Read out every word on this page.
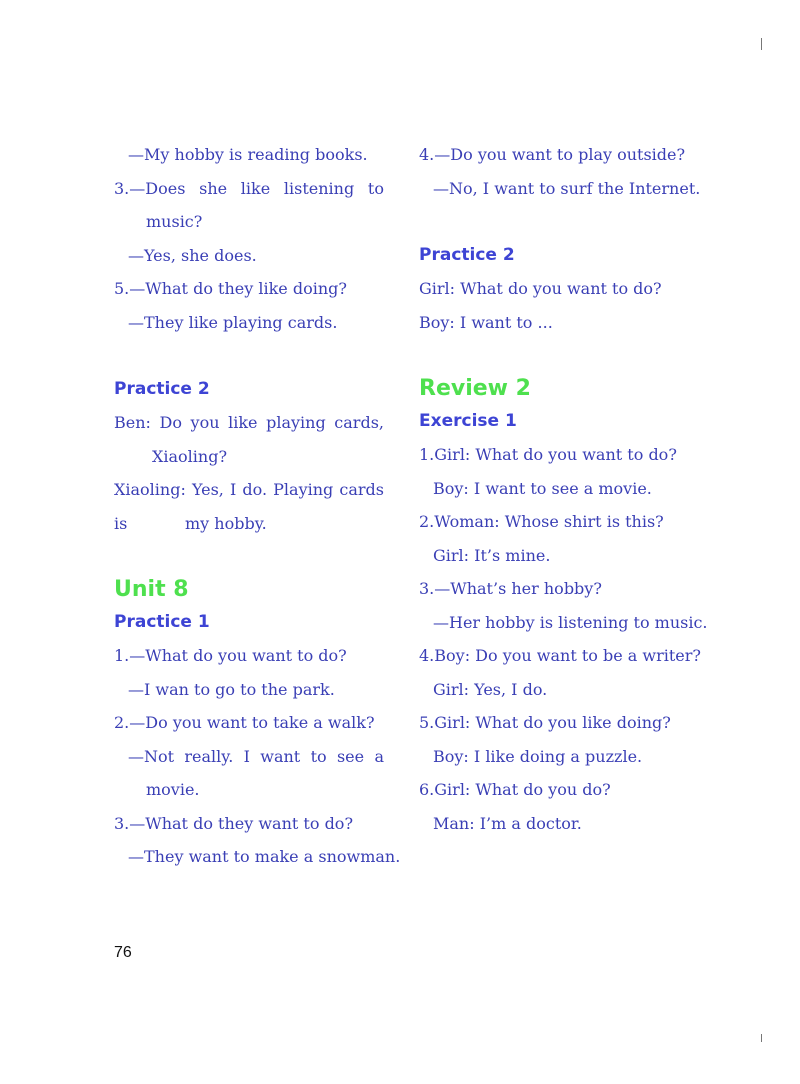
—My hobby is reading books.
3.—Does she like listening to
music?
—Yes, she does.
5.—What do they like doing?
—They like playing cards.
Practice 2
Ben: Do you like playing cards,
Xiaoling?
Xiaoling: Yes, I do. Playing cards is	my hobby.
Unit 8
Practice 1
1.—What do you want to do?
—I wan to go to the park.
2.—Do you want to take a walk?
—Not really. I want to see a
movie.
3.—What do they want to do?
—They want to make a snowman.
4.—Do you want to play outside?
—No, I want to surf the Internet.
Practice 2
Girl: What do you want to do?
Boy: I want to ...
Review 2
Exercise 1
1.Girl: What do you want to do?
Boy: I want to see a movie.
2.Woman: Whose shirt is this?
Girl: It’s mine.
3.—What’s her hobby?
—Her hobby is listening to music.
4.Boy: Do you want to be a writer?
Girl: Yes, I do.
5.Girl: What do you like doing?
Boy: I like doing a puzzle.
6.Girl: What do you do?
Man: I’m a doctor.
76
